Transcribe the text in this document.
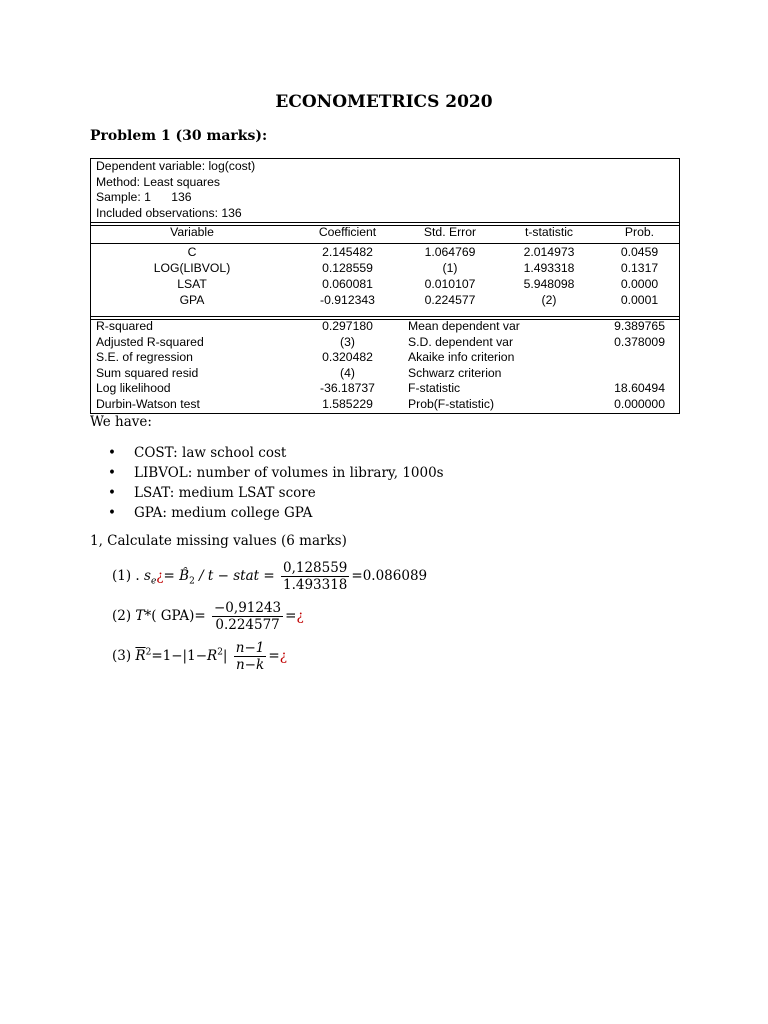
ECONOMETRICS 2020
Problem 1 (30 marks):
Dependent variable: log(cost)
Method: Least squares
Sample: 1      136
Included observations: 136
Variable	Coefficient	Std. Error	t-statistic	Prob.
C	2.145482	1.064769	2.014973	0.0459
LOG(LIBVOL)	0.128559	(1)	1.493318	0.1317
LSAT	0.060081	0.010107	5.948098	0.0000
GPA	-0.912343	0.224577	(2)	0.0001
R-squared	0.297180	Mean dependent var	9.389765
Adjusted R-squared	(3)	S.D. dependent var	0.378009
S.E. of regression	0.320482	Akaike info criterion
Sum squared resid	(4)	Schwarz criterion
Log likelihood	-36.18737	F-statistic	18.60494
Durbin-Watson test	1.585229	Prob(F-statistic)	0.000000
We have:
• COST: law school cost
• LIBVOL: number of volumes in library, 1000s
• LSAT: medium LSAT score
• GPA: medium college GPA
1, Calculate missing values (6 marks)
(1) . $s_e¿=$ $B̂_2$ / t − stat = $\frac{0,128559}{1.493318} =0.086089$
(2) T*( $GPA)= \frac{-0,91243}{0.224577}$ =¿
(3) $\overline{R}^2=1-|1-R^2| \frac{n-1}{n-k}$ =¿
